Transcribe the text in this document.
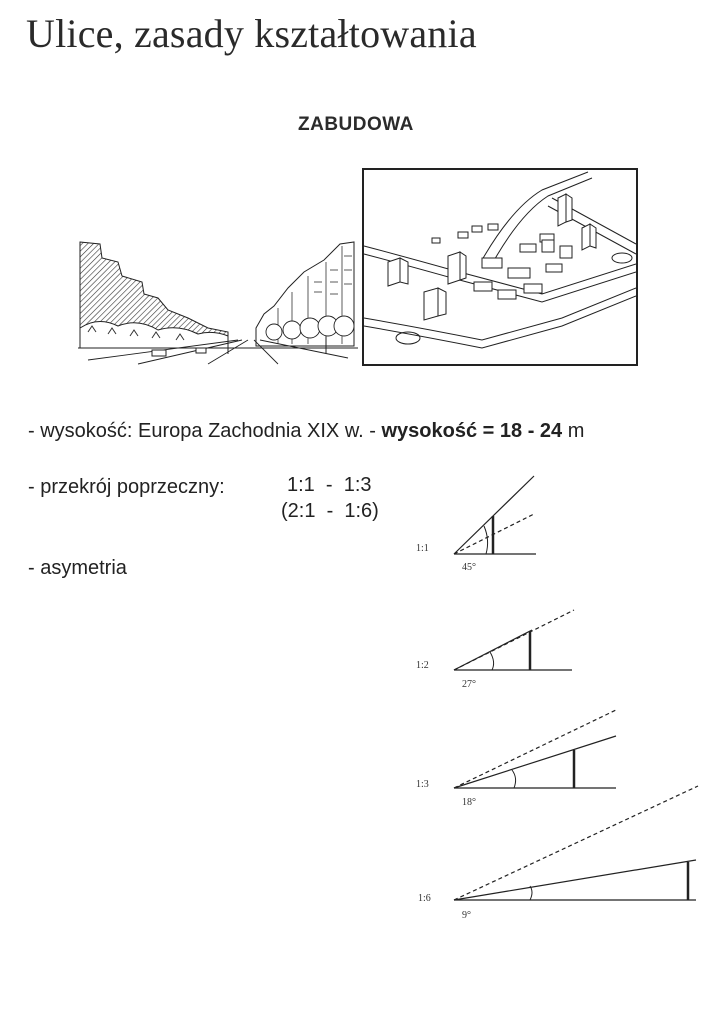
Ulice, zasady kształtowania
ZABUDOWA
- wysokość: Europa Zachodnia XIX w. - wysokość = 18 - 24 m
- przekrój poprzeczny:	1:1  -  1:3
(2:1  -  1:6)
- asymetria
1:1
45°
1:2
27°
1:3
18°
1:6
9°
